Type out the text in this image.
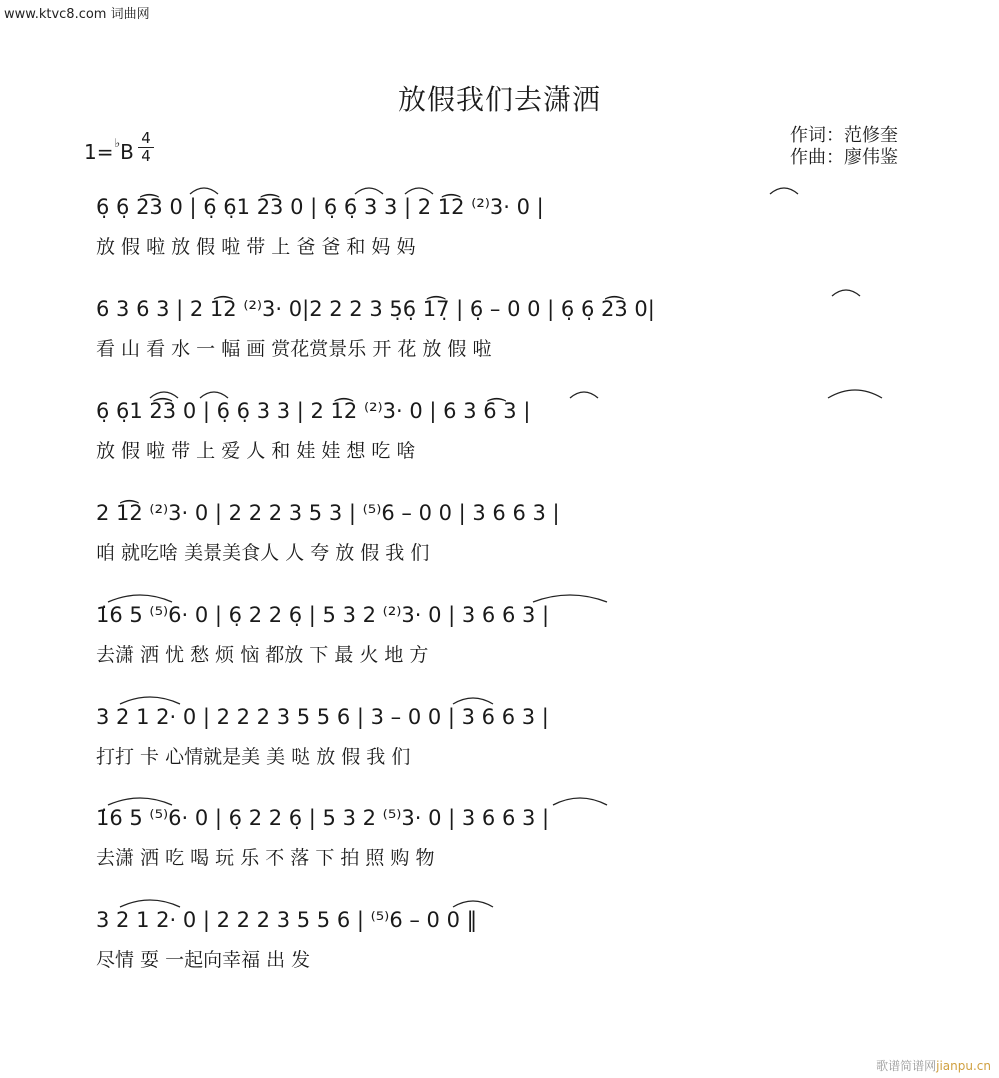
www.ktvc8.com 词曲网
放假我们去潇洒
1=♭B
4
4
作词：范修奎
作曲：廖伟鉴
6̣ 6̣ 2͡3 0 | 6̣ 6̣1 2͡3 0 | 6̣ 6̣ 3 3 | 2 1͡2 ⁽²⁾3· 0 |
放 假 啦 放 假 啦 带 上 爸 爸 和 妈 妈
6 3 6 3 | 2 1͡2 ⁽²⁾3· 0|2 2 2 3 5̣6̣ 1͡7̣ | 6̣ – 0 0 | 6̣ 6̣ 2͡3 0|
看 山 看 水 一 幅 画 赏花赏景乐 开 花 放 假 啦
6̣ 6̣1 2͡3 0 | 6̣ 6̣ 3 3 | 2 1͡2 ⁽²⁾3· 0 | 6 3 6͡ 3 |
放 假 啦 带 上 爱 人 和 娃 娃 想 吃 啥
2 1͡2 ⁽²⁾3· 0 | 2 2 2 3 5 3 | ⁽⁵⁾6 – 0 0 | 3 6 6 3 |
咱 就吃啥 美景美食人 人 夸 放 假 我 们
1̇6 5 ⁽⁵⁾6· 0 | 6̣ 2 2 6̣ | 5 3 2 ⁽²⁾3· 0 | 3 6 6 3 |
去潇 洒 忧 愁 烦 恼 都放 下 最 火 地 方
3 2 1 2· 0 | 2 2 2 3 5 5 6 | 3 – 0 0 | 3 6 6 3 |
打打 卡 心情就是美 美 哒 放 假 我 们
1̇6 5 ⁽⁵⁾6· 0 | 6̣ 2 2 6̣ | 5 3 2 ⁽⁵⁾3· 0 | 3 6 6 3 |
去潇 洒 吃 喝 玩 乐 不 落 下 拍 照 购 物
3 2 1 2· 0 | 2 2 2 3 5 5 6 | ⁽⁵⁾6 – 0 0 ‖
尽情 耍 一起向幸福 出 发
歌谱简谱网jianpu.cn
